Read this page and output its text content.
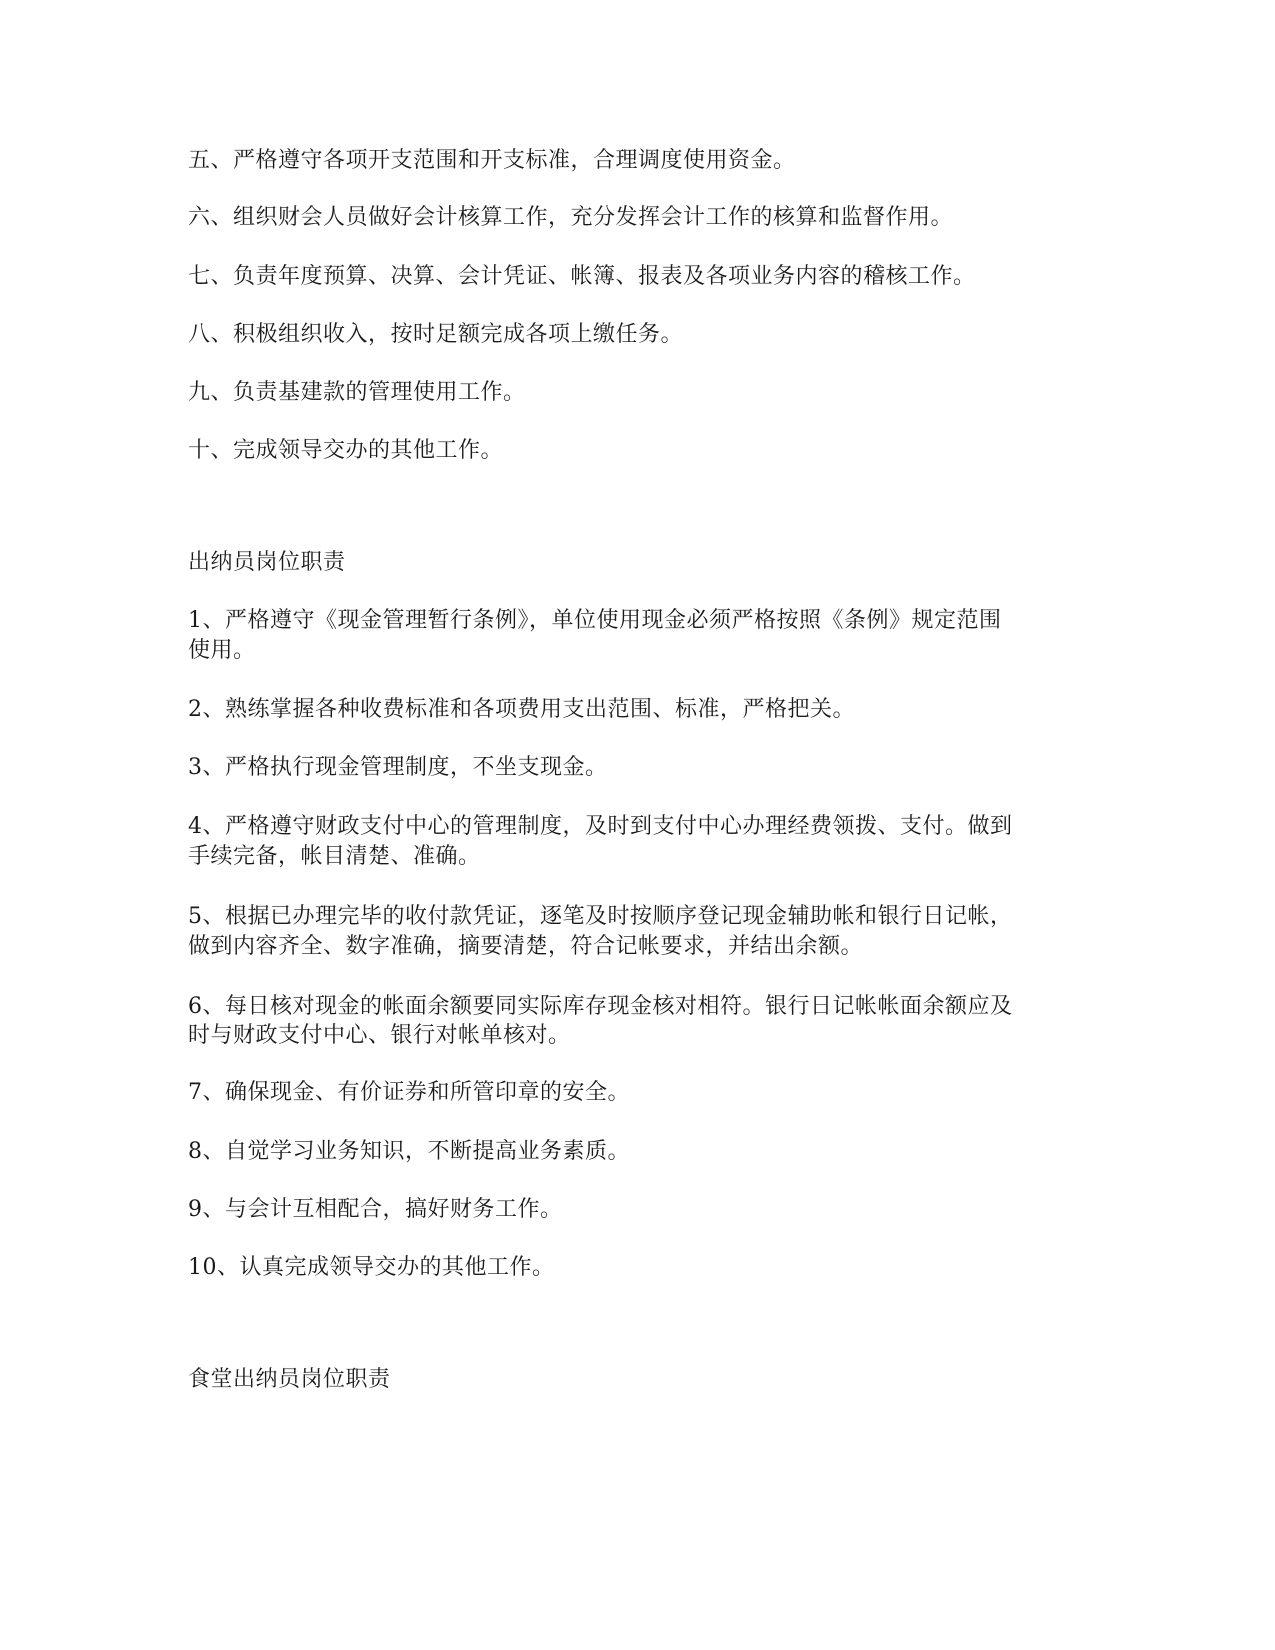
五、严格遵守各项开支范围和开支标准，合理调度使用资金。
六、组织财会人员做好会计核算工作，充分发挥会计工作的核算和监督作用。
七、负责年度预算、决算、会计凭证、帐簿、报表及各项业务内容的稽核工作。
八、积极组织收入，按时足额完成各项上缴任务。
九、负责基建款的管理使用工作。
十、完成领导交办的其他工作。
出纳员岗位职责
1、严格遵守《现金管理暂行条例》，单位使用现金必须严格按照《条例》规定范围
使用。
2、熟练掌握各种收费标准和各项费用支出范围、标准，严格把关。
3、严格执行现金管理制度，不坐支现金。
4、严格遵守财政支付中心的管理制度，及时到支付中心办理经费领拨、支付。做到
手续完备，帐目清楚、准确。
5、根据已办理完毕的收付款凭证，逐笔及时按顺序登记现金辅助帐和银行日记帐，
做到内容齐全、数字准确，摘要清楚，符合记帐要求，并结出余额。
6、每日核对现金的帐面余额要同实际库存现金核对相符。银行日记帐帐面余额应及
时与财政支付中心、银行对帐单核对。
7、确保现金、有价证券和所管印章的安全。
8、自觉学习业务知识，不断提高业务素质。
9、与会计互相配合，搞好财务工作。
10、认真完成领导交办的其他工作。
食堂出纳员岗位职责
